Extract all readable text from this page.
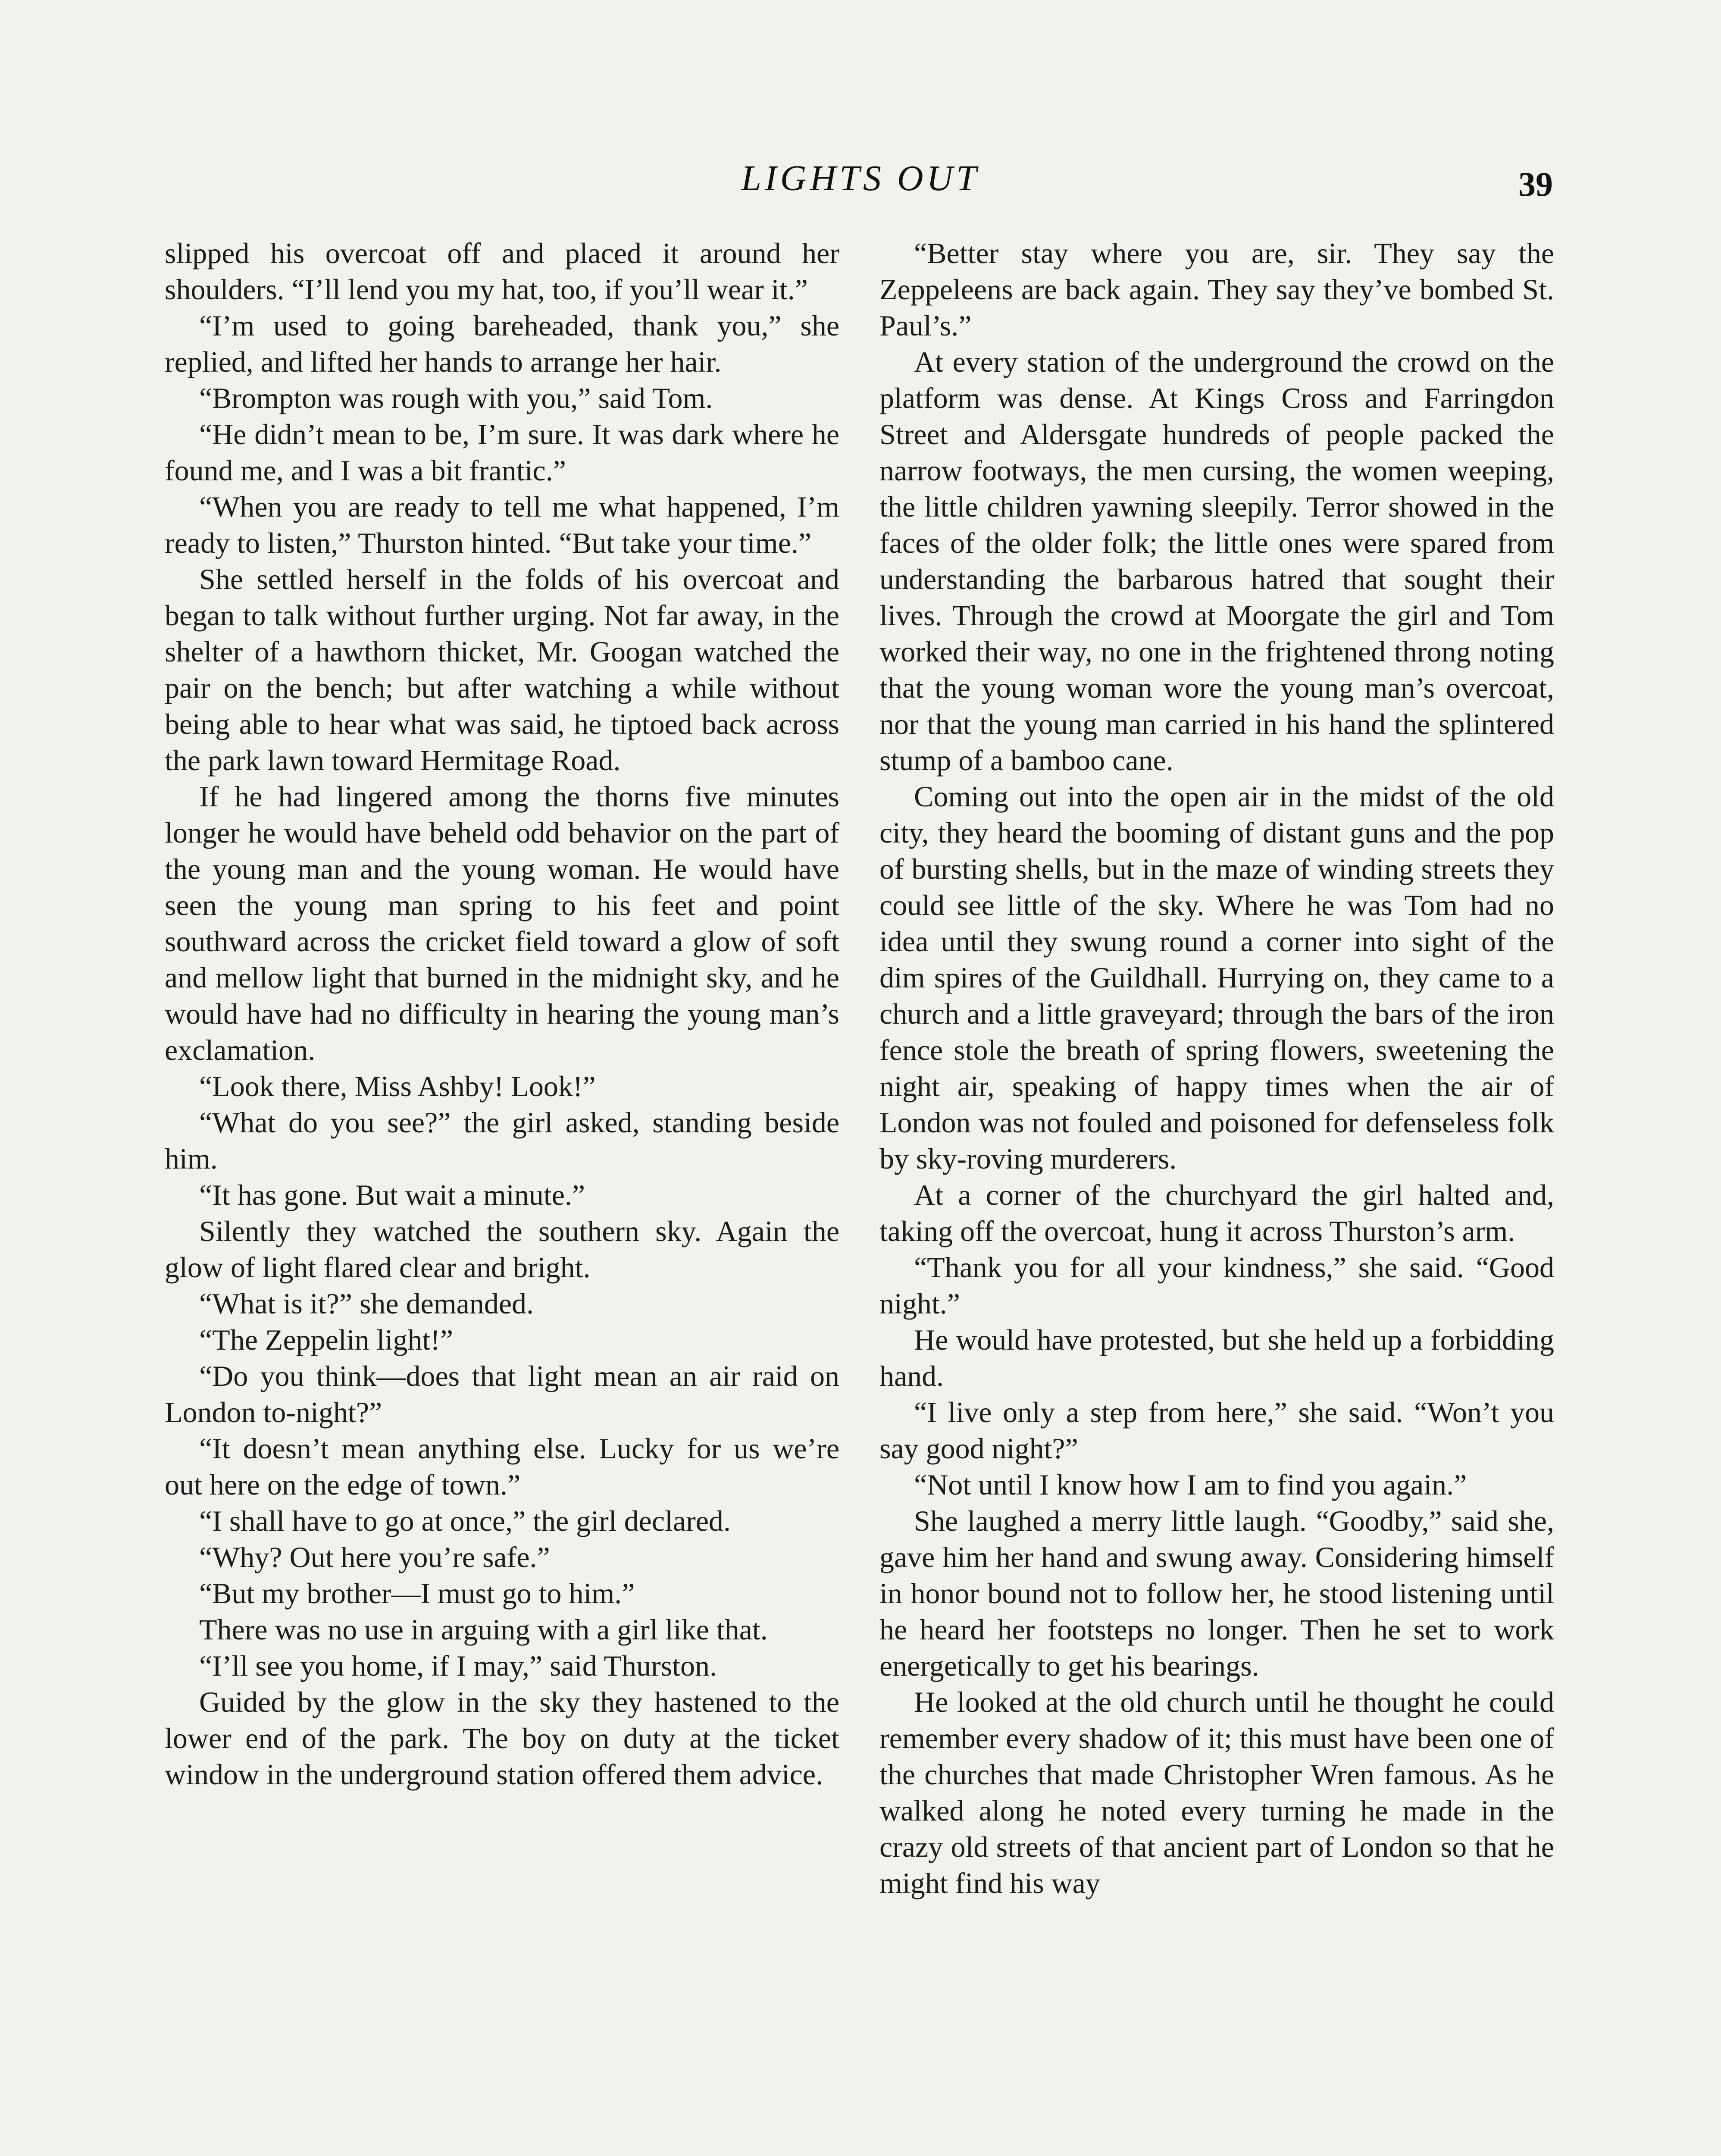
LIGHTS OUT	39

slipped his overcoat off and placed it around her shoulders. “I’ll lend you my hat, too, if you’ll wear it.”

“I’m used to going bareheaded, thank you,” she replied, and lifted her hands to arrange her hair.

“Brompton was rough with you,” said Tom.

“He didn’t mean to be, I’m sure. It was dark where he found me, and I was a bit frantic.”

“When you are ready to tell me what happened, I’m ready to listen,” Thurston hinted. “But take your time.”

She settled herself in the folds of his overcoat and began to talk without further urging. Not far away, in the shelter of a hawthorn thicket, Mr. Googan watched the pair on the bench; but after watching a while without being able to hear what was said, he tiptoed back across the park lawn toward Hermitage Road.

If he had lingered among the thorns five minutes longer he would have beheld odd behavior on the part of the young man and the young woman. He would have seen the young man spring to his feet and point southward across the cricket field toward a glow of soft and mellow light that burned in the midnight sky, and he would have had no difficulty in hearing the young man’s exclamation.

“Look there, Miss Ashby! Look!”

“What do you see?” the girl asked, standing beside him.

“It has gone. But wait a minute.”

Silently they watched the southern sky. Again the glow of light flared clear and bright.

“What is it?” she demanded.

“The Zeppelin light!”

“Do you think—does that light mean an air raid on London to-night?”

“It doesn’t mean anything else. Lucky for us we’re out here on the edge of town.”

“I shall have to go at once,” the girl declared.

“Why? Out here you’re safe.”

“But my brother—I must go to him.”

There was no use in arguing with a girl like that.

“I’ll see you home, if I may,” said Thurston.

Guided by the glow in the sky they hastened to the lower end of the park. The boy on duty at the ticket window in the underground station offered them advice.

“Better stay where you are, sir. They say the Zeppeleens are back again. They say they’ve bombed St. Paul’s.”

At every station of the underground the crowd on the platform was dense. At Kings Cross and Farringdon Street and Aldersgate hundreds of people packed the narrow footways, the men cursing, the women weeping, the little children yawning sleepily. Terror showed in the faces of the older folk; the little ones were spared from understanding the barbarous hatred that sought their lives. Through the crowd at Moorgate the girl and Tom worked their way, no one in the frightened throng noting that the young woman wore the young man’s overcoat, nor that the young man carried in his hand the splintered stump of a bamboo cane.

Coming out into the open air in the midst of the old city, they heard the booming of distant guns and the pop of bursting shells, but in the maze of winding streets they could see little of the sky. Where he was Tom had no idea until they swung round a corner into sight of the dim spires of the Guildhall. Hurrying on, they came to a church and a little graveyard; through the bars of the iron fence stole the breath of spring flowers, sweetening the night air, speaking of happy times when the air of London was not fouled and poisoned for defenseless folk by sky-roving murderers.

At a corner of the churchyard the girl halted and, taking off the overcoat, hung it across Thurston’s arm.

“Thank you for all your kindness,” she said. “Good night.”

He would have protested, but she held up a forbidding hand.

“I live only a step from here,” she said. “Won’t you say good night?”

“Not until I know how I am to find you again.”

She laughed a merry little laugh. “Goodby,” said she, gave him her hand and swung away. Considering himself in honor bound not to follow her, he stood listening until he heard her footsteps no longer. Then he set to work energetically to get his bearings.

He looked at the old church until he thought he could remember every shadow of it; this must have been one of the churches that made Christopher Wren famous. As he walked along he noted every turning he made in the crazy old streets of that ancient part of London so that he might find his way
